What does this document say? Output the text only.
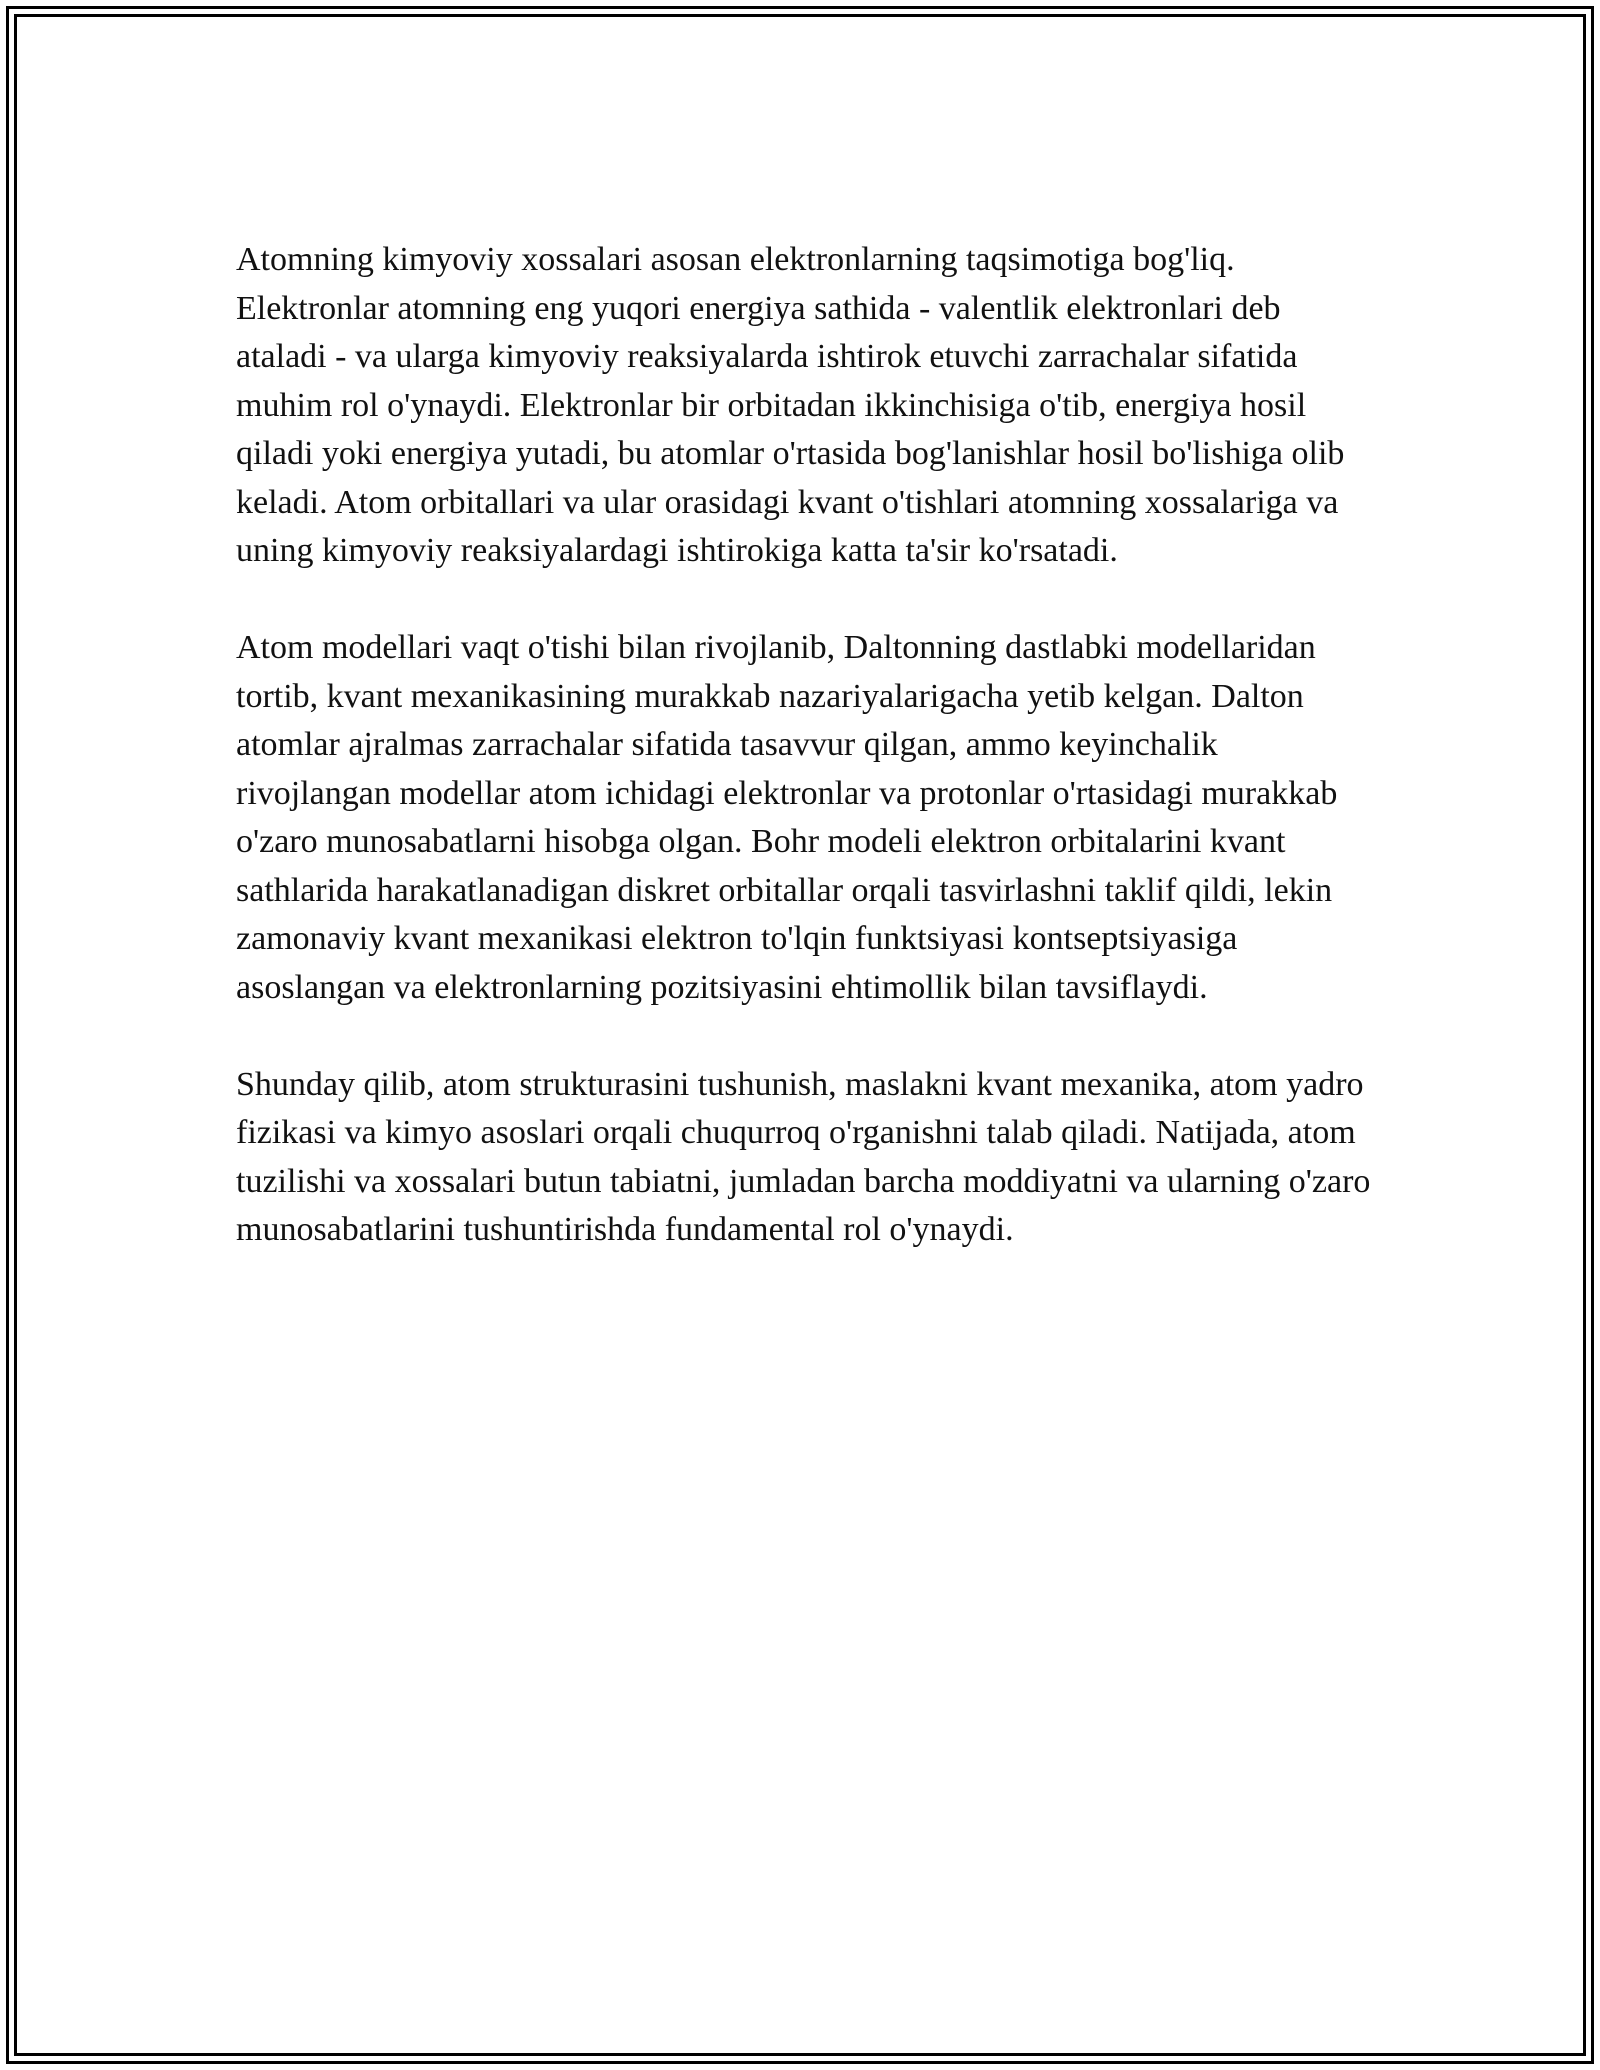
Atomning kimyoviy xossalari asosan elektronlarning taqsimotiga bog'liq. Elektronlar atomning eng yuqori energiya sathida - valentlik elektronlari deb ataladi - va ularga kimyoviy reaksiyalarda ishtirok etuvchi zarrachalar sifatida muhim rol o'ynaydi. Elektronlar bir orbitadan ikkinchisiga o'tib, energiya hosil qiladi yoki energiya yutadi, bu atomlar o'rtasida bog'lanishlar hosil bo'lishiga olib keladi. Atom orbitallari va ular orasidagi kvant o'tishlari atomning xossalariga va uning kimyoviy reaksiyalardagi ishtirokiga katta ta'sir ko'rsatadi.

Atom modellari vaqt o'tishi bilan rivojlanib, Daltonning dastlabki modellaridan tortib, kvant mexanikasining murakkab nazariyalarigacha yetib kelgan. Dalton atomlar ajralmas zarrachalar sifatida tasavvur qilgan, ammo keyinchalik rivojlangan modellar atom ichidagi elektronlar va protonlar o'rtasidagi murakkab o'zaro munosabatlarni hisobga olgan. Bohr modeli elektron orbitalarini kvant sathlarida harakatlanadigan diskret orbitallar orqali tasvirlashni taklif qildi, lekin zamonaviy kvant mexanikasi elektron to'lqin funktsiyasi kontseptsiyasiga asoslangan va elektronlarning pozitsiyasini ehtimollik bilan tavsiflaydi.

Shunday qilib, atom strukturasini tushunish, maslakni kvant mexanika, atom yadro fizikasi va kimyo asoslari orqali chuqurroq o'rganishni talab qiladi. Natijada, atom tuzilishi va xossalari butun tabiatni, jumladan barcha moddiyatni va ularning o'zaro munosabatlarini tushuntirishda fundamental rol o'ynaydi.
